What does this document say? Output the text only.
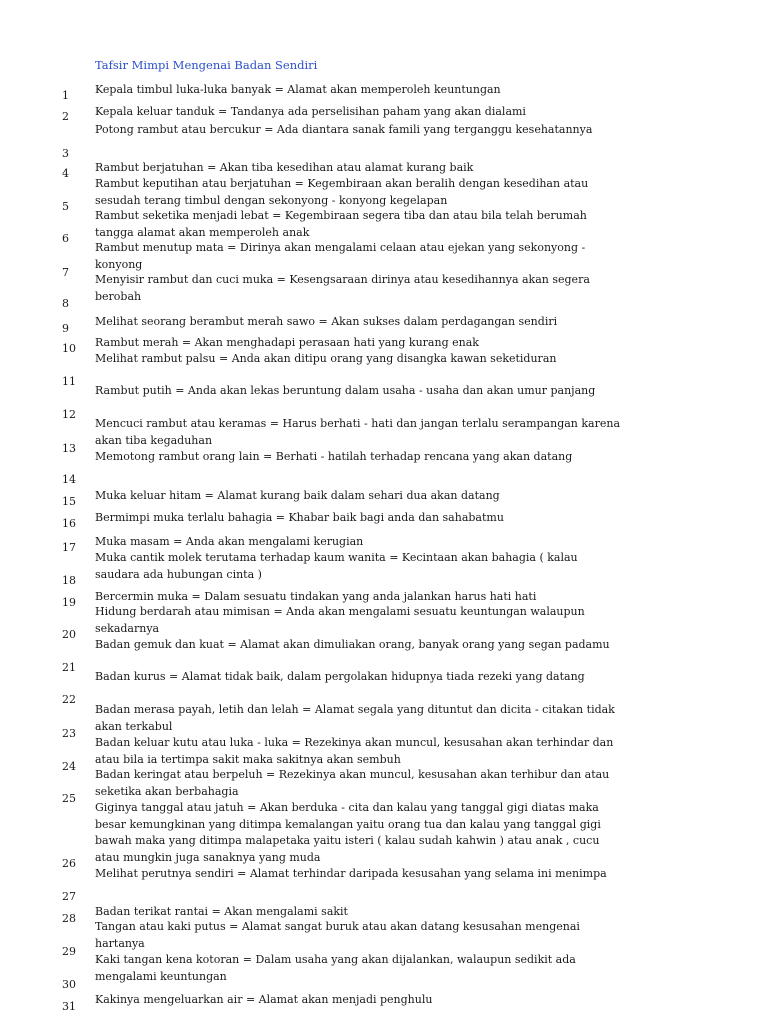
Tafsir Mimpi Mengenai Badan Sendiri
1	Kepala timbul luka-luka banyak = Alamat akan memperoleh keuntungan
2	Kepala keluar tanduk = Tandanya ada perselisihan paham yang akan dialami
3
Potong rambut atau bercukur = Ada diantara sanak famili yang terganggu kesehatannya
4	Rambut berjatuhan = Akan tiba kesedihan atau alamat kurang baik
5
Rambut keputihan atau berjatuhan = Kegembiraan akan beralih dengan kesedihan atau sesudah terang timbul dengan sekonyong - konyong kegelapan
6
Rambut seketika menjadi lebat = Kegembiraan segera tiba dan atau bila telah berumah tangga alamat akan memperoleh anak
7
Rambut menutup mata = Dirinya akan mengalami celaan atau ejekan yang sekonyong - konyong
8
Menyisir rambut dan cuci muka = Kesengsaraan dirinya atau kesedihannya akan segera berobah
9
Melihat seorang berambut merah sawo = Akan sukses dalam perdagangan sendiri
10	Rambut merah = Akan menghadapi perasaan hati yang kurang enak
11
Melihat rambut palsu = Anda akan ditipu orang yang disangka kawan seketiduran
12
Rambut putih = Anda akan lekas beruntung dalam usaha - usaha dan akan umur panjang
13
Mencuci rambut atau keramas = Harus berhati - hati dan jangan terlalu serampangan karena akan tiba kegaduhan
14
Memotong rambut orang lain = Berhati - hatilah terhadap rencana yang akan datang
15	Muka keluar hitam = Alamat kurang baik dalam sehari dua akan datang
16	Bermimpi muka terlalu bahagia = Khabar baik bagi anda dan sahabatmu
17	Muka masam = Anda akan mengalami kerugian
18
Muka cantik molek terutama terhadap kaum wanita = Kecintaan akan bahagia ( kalau saudara ada hubungan cinta )
19	Bercermin muka = Dalam sesuatu tindakan yang anda jalankan harus hati hati
20
Hidung berdarah atau mimisan = Anda akan mengalami sesuatu keuntungan walaupun sekadarnya
21
Badan gemuk dan kuat = Alamat akan dimuliakan orang, banyak orang yang segan padamu
22
Badan kurus = Alamat tidak baik, dalam pergolakan hidupnya tiada rezeki yang datang
23
Badan merasa payah, letih dan lelah = Alamat segala yang dituntut dan dicita - citakan tidak akan terkabul
24
Badan keluar kutu atau luka - luka = Rezekinya akan muncul, kesusahan akan terhindar dan atau bila ia tertimpa sakit maka sakitnya akan sembuh
25
Badan keringat atau berpeluh = Rezekinya akan muncul, kesusahan akan terhibur dan atau seketika akan berbahagia
26
Giginya tanggal atau jatuh = Akan berduka - cita dan kalau yang tanggal gigi diatas maka besar kemungkinan yang ditimpa kemalangan yaitu orang tua dan kalau yang tanggal gigi bawah maka yang ditimpa malapetaka yaitu isteri ( kalau sudah kahwin ) atau anak , cucu atau mungkin juga sanaknya yang muda
27
Melihat perutnya sendiri = Alamat terhindar daripada kesusahan yang selama ini menimpa
28
Badan terikat rantai = Akan mengalami sakit
29
Tangan atau kaki putus = Alamat sangat buruk atau akan datang kesusahan mengenai hartanya
30
Kaki tangan kena kotoran = Dalam usaha yang akan dijalankan, walaupun sedikit ada mengalami keuntungan
31
Kakinya mengeluarkan air = Alamat akan menjadi penghulu
